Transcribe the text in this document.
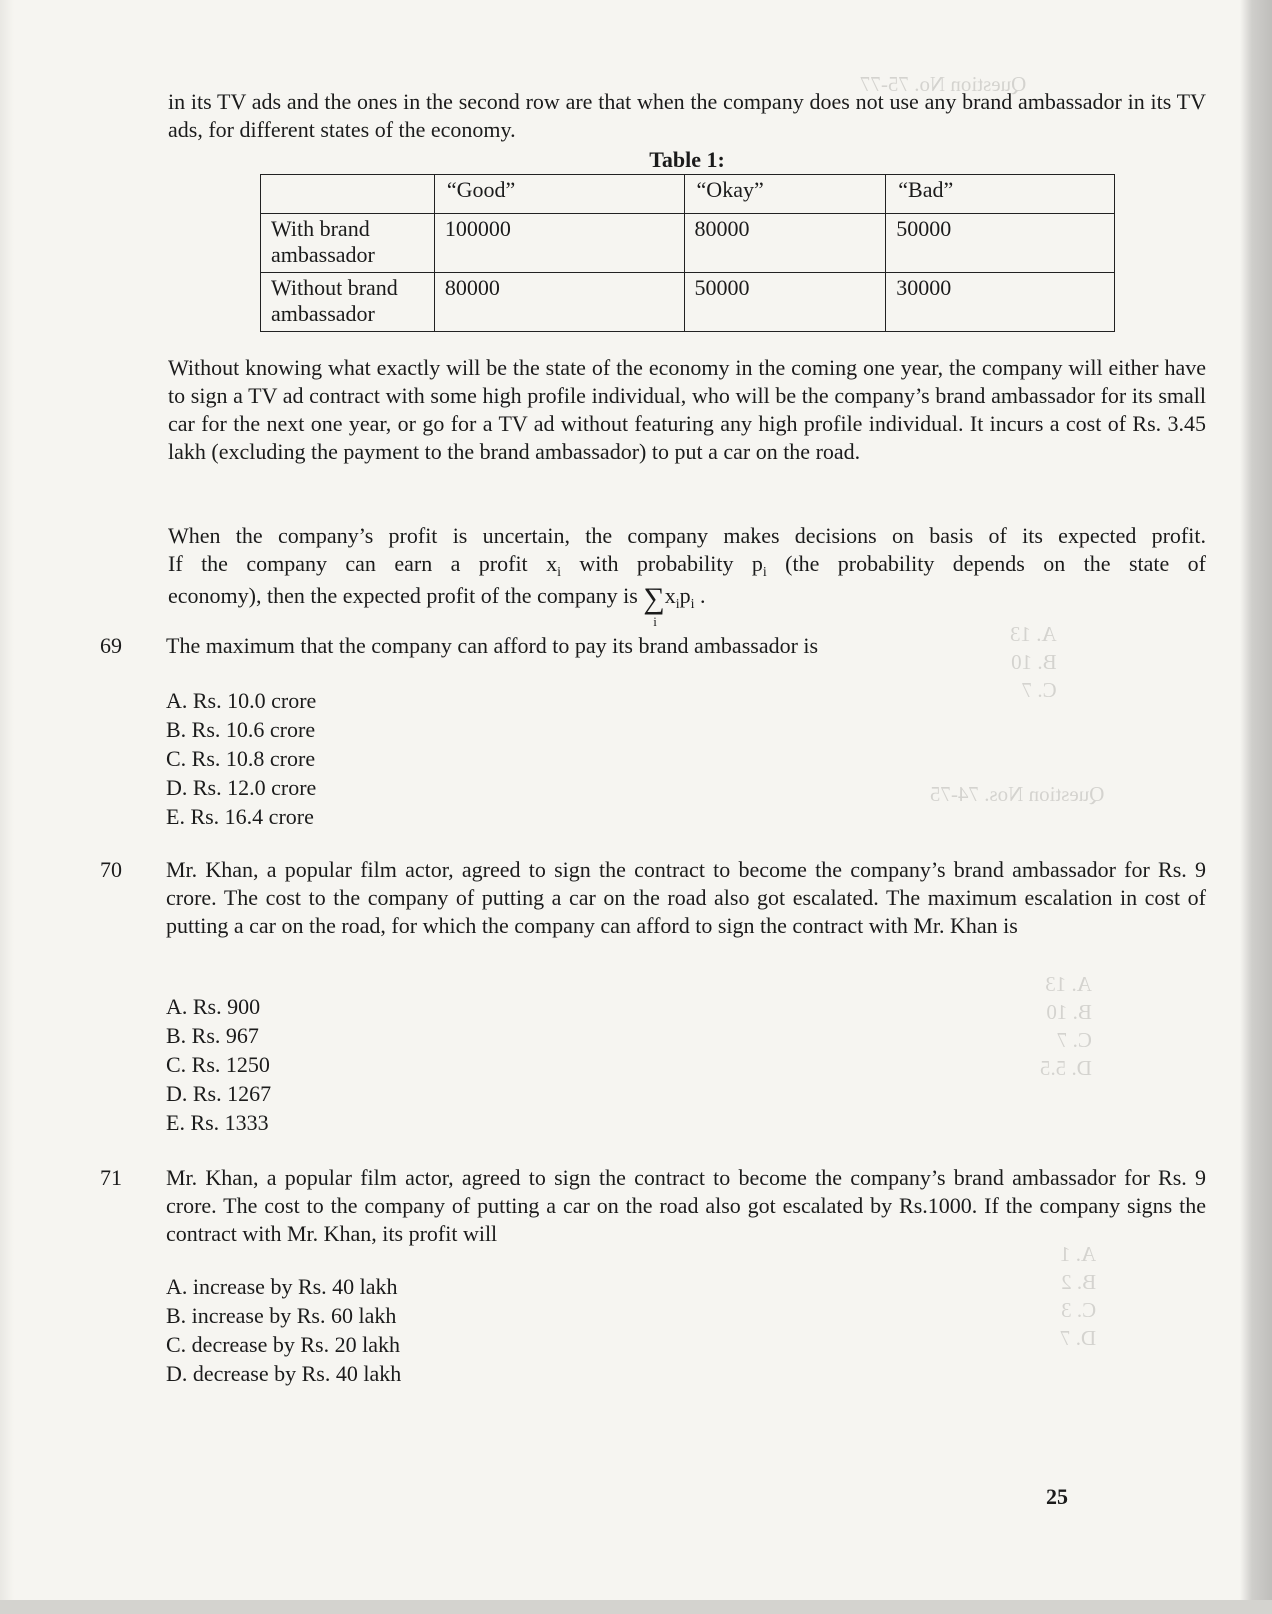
Question No. 75-77
A. 13
B. 10
C. 7
Question Nos. 74-75
A. 13
B. 10
C. 7
D. 5.5
A. 1
B. 2
C. 3
D. 7
in its TV ads and the ones in the second row are that when the company does not use any brand ambassador in its TV ads, for different states of the economy.
Table 1:
	“Good”	“Okay”	“Bad”
With brand ambassador	100000	80000	50000
Without brand ambassador	80000	50000	30000
Without knowing what exactly will be the state of the economy in the coming one year, the company will either have to sign a TV ad contract with some high profile individual, who will be the company’s brand ambassador for its small car for the next one year, or go for a TV ad without featuring any high profile individual. It incurs a cost of Rs. 3.45 lakh (excluding the payment to the brand ambassador) to put a car on the road.
When the company’s profit is uncertain, the company makes decisions on basis of its expected profit.
If the company can earn a profit $x_i$ with probability $p_i$ (the probability depends on the state of
economy), then the expected profit of the company is ∑
i
$x_ip_i$ .
69 The maximum that the company can afford to pay its brand ambassador is
A. Rs. 10.0 crore
B. Rs. 10.6 crore
C. Rs. 10.8 crore
D. Rs. 12.0 crore
E. Rs. 16.4 crore
70 Mr. Khan, a popular film actor, agreed to sign the contract to become the company’s brand ambassador for Rs. 9 crore. The cost to the company of putting a car on the road also got escalated. The maximum escalation in cost of putting a car on the road, for which the company can afford to sign the contract with Mr. Khan is
A. Rs. 900
B. Rs. 967
C. Rs. 1250
D. Rs. 1267
E. Rs. 1333
71 Mr. Khan, a popular film actor, agreed to sign the contract to become the company’s brand ambassador for Rs. 9 crore. The cost to the company of putting a car on the road also got escalated by Rs.1000. If the company signs the contract with Mr. Khan, its profit will
A. increase by Rs. 40 lakh
B. increase by Rs. 60 lakh
C. decrease by Rs. 20 lakh
D. decrease by Rs. 40 lakh
25
